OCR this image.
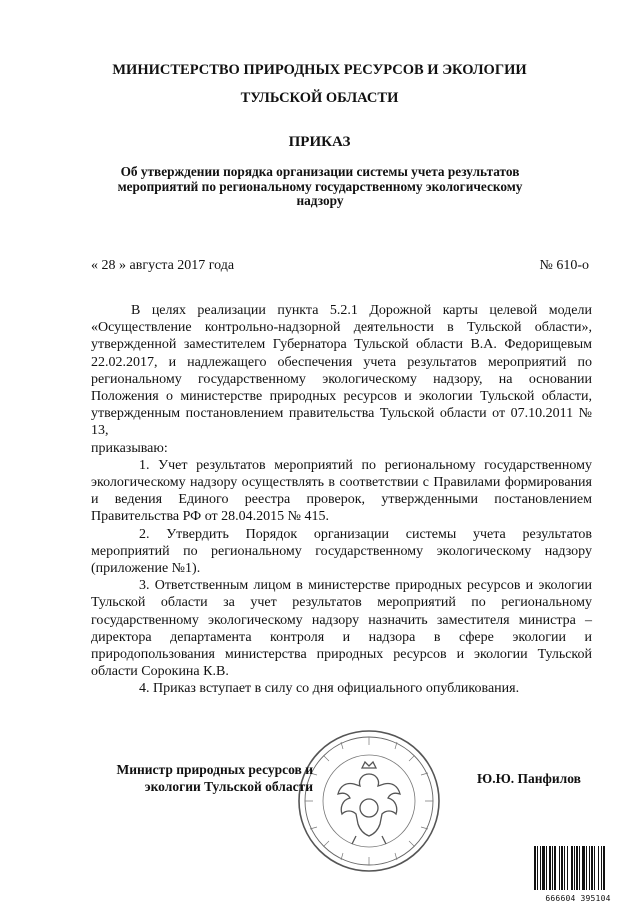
МИНИСТЕРСТВО ПРИРОДНЫХ РЕСУРСОВ И ЭКОЛОГИИ
ТУЛЬСКОЙ ОБЛАСТИ
ПРИКАЗ
Об утверждении порядка организации системы учета результатов
мероприятий по региональному государственному экологическому
надзору
« 28 » августа 2017 года	№ 610-о

В целях реализации пункта 5.2.1 Дорожной карты целевой модели «Осуществление контрольно-надзорной деятельности в Тульской области», утвержденной заместителем Губернатора Тульской области В.А. Федорищевым 22.02.2017, и надлежащего обеспечения учета результатов мероприятий по региональному государственному экологическому надзору, на основании Положения о министерстве природных ресурсов и экологии Тульской области, утвержденным постановлением правительства Тульской области от 07.10.2011 № 13,

приказываю:

1. Учет результатов мероприятий по региональному государственному экологическому надзору осуществлять в соответствии с Правилами формирования и ведения Единого реестра проверок, утвержденными постановлением Правительства РФ от 28.04.2015 № 415.

2. Утвердить Порядок организации системы учета результатов мероприятий по региональному государственному экологическому надзору (приложение №1).

3. Ответственным лицом в министерстве природных ресурсов и экологии Тульской области за учет результатов мероприятий по региональному государственному экологическому надзору назначить заместителя министра – директора департамента контроля и надзора в сфере экологии и природопользования министерства природных ресурсов и экологии Тульской области Сорокина К.В.

4. Приказ вступает в силу со дня официального опубликования.

Министр природных ресурсов и
экологии Тульской области
Ю.Ю. Панфилов
666604 395104
